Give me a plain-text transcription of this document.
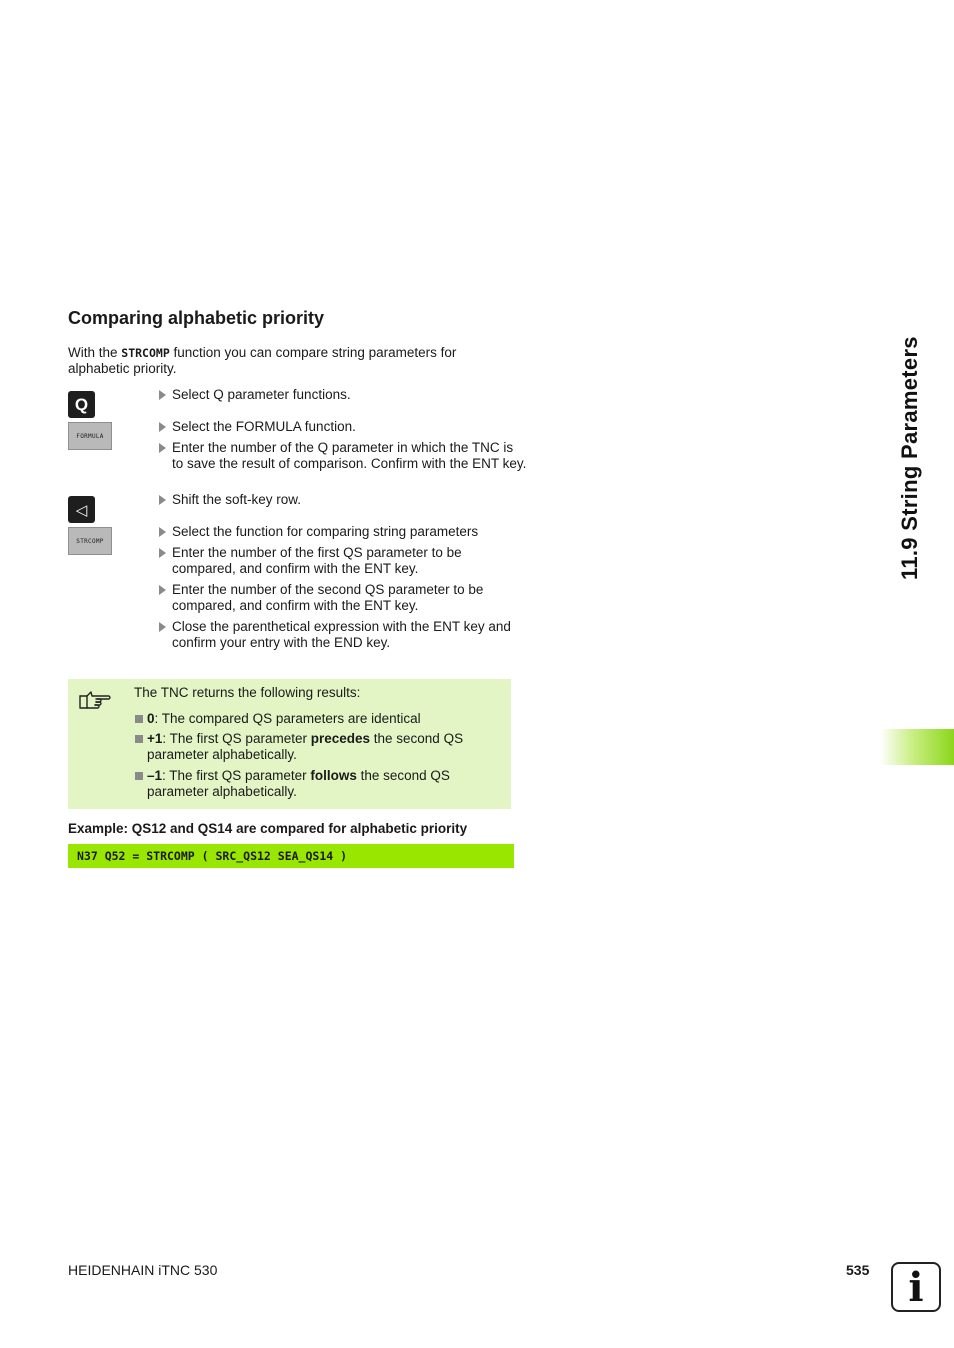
Comparing alphabetic priority

With the STRCOMP function you can compare string parameters for alphabetic priority.

Q
FORMULA
◁
STRCOMP

Select Q parameter functions.

Select the FORMULA function.

Enter the number of the Q parameter in which the TNC is to save the result of comparison. Confirm with the ENT key.

Shift the soft-key row.

Select the function for comparing string parameters

Enter the number of the first QS parameter to be compared, and confirm with the ENT key.

Enter the number of the second QS parameter to be compared, and confirm with the ENT key.

Close the parenthetical expression with the ENT key and confirm your entry with the END key.

The TNC returns the following results:

0: The compared QS parameters are identical

+1: The first QS parameter precedes the second QS parameter alphabetically.

–1: The first QS parameter follows the second QS parameter alphabetically.

Example: QS12 and QS14 are compared for alphabetic priority

N37 Q52 = STRCOMP ( SRC_QS12 SEA_QS14 )

11.9 String Parameters

HEIDENHAIN iTNC 530	535 i
